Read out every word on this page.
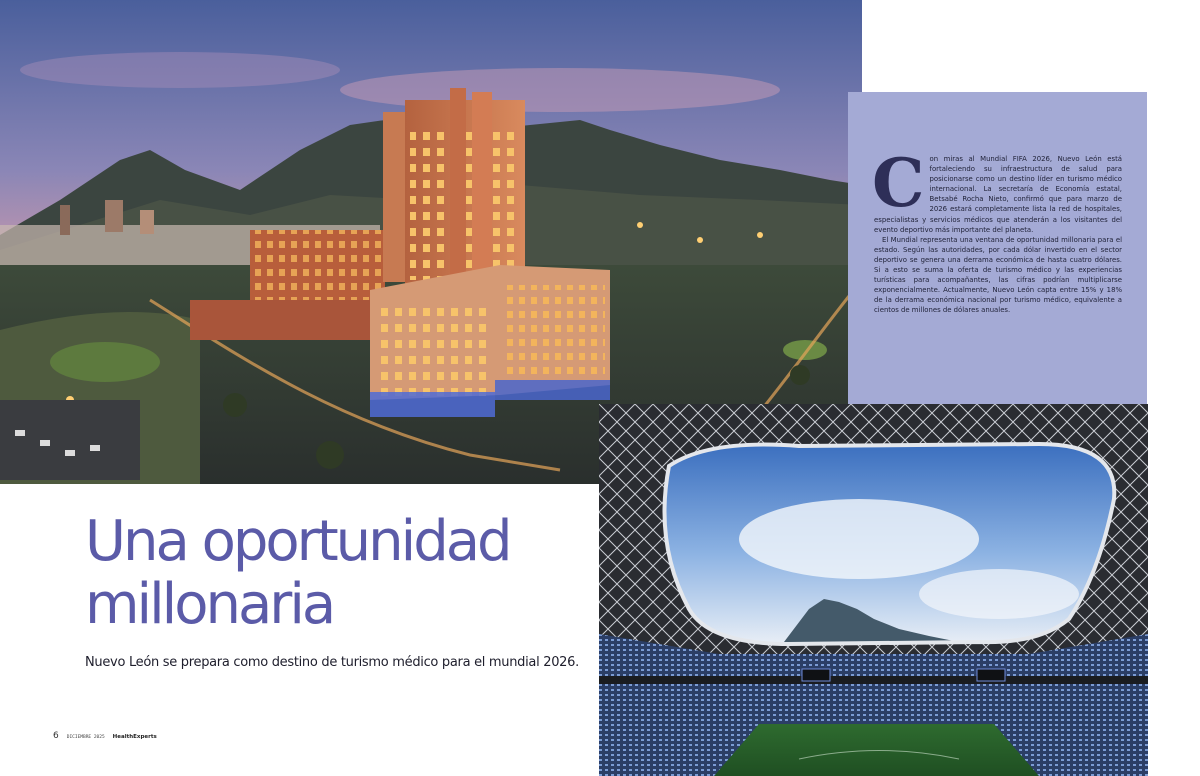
Una oportunidad
millonaria

Nuevo León se prepara como destino de turismo médico para el mundial 2026.

6 DICIEMBRE 2025 HealthExperts

Con miras al Mundial FIFA 2026, Nuevo León está fortaleciendo su infraestructura de salud para posicionarse como un destino líder en turismo médico internacional. La secretaría de Economía estatal, Betsabé Rocha Nieto, confirmó que para marzo de 2026 estará completamente lista la red de hospitales, especialistas y servicios médicos que atenderán a los visitantes del evento deportivo más importante del planeta.

El Mundial representa una ventana de oportunidad millonaria para el estado. Según las autoridades, por cada dólar invertido en el sector deportivo se genera una derrama económica de hasta cuatro dólares. Si a esto se suma la oferta de turismo médico y las experiencias turísticas para acompañantes, las cifras podrían multiplicarse exponencialmente. Actualmente, Nuevo León capta entre 15% y 18% de la derrama económica nacional por turismo médico, equivalente a cientos de millones de dólares anuales.
